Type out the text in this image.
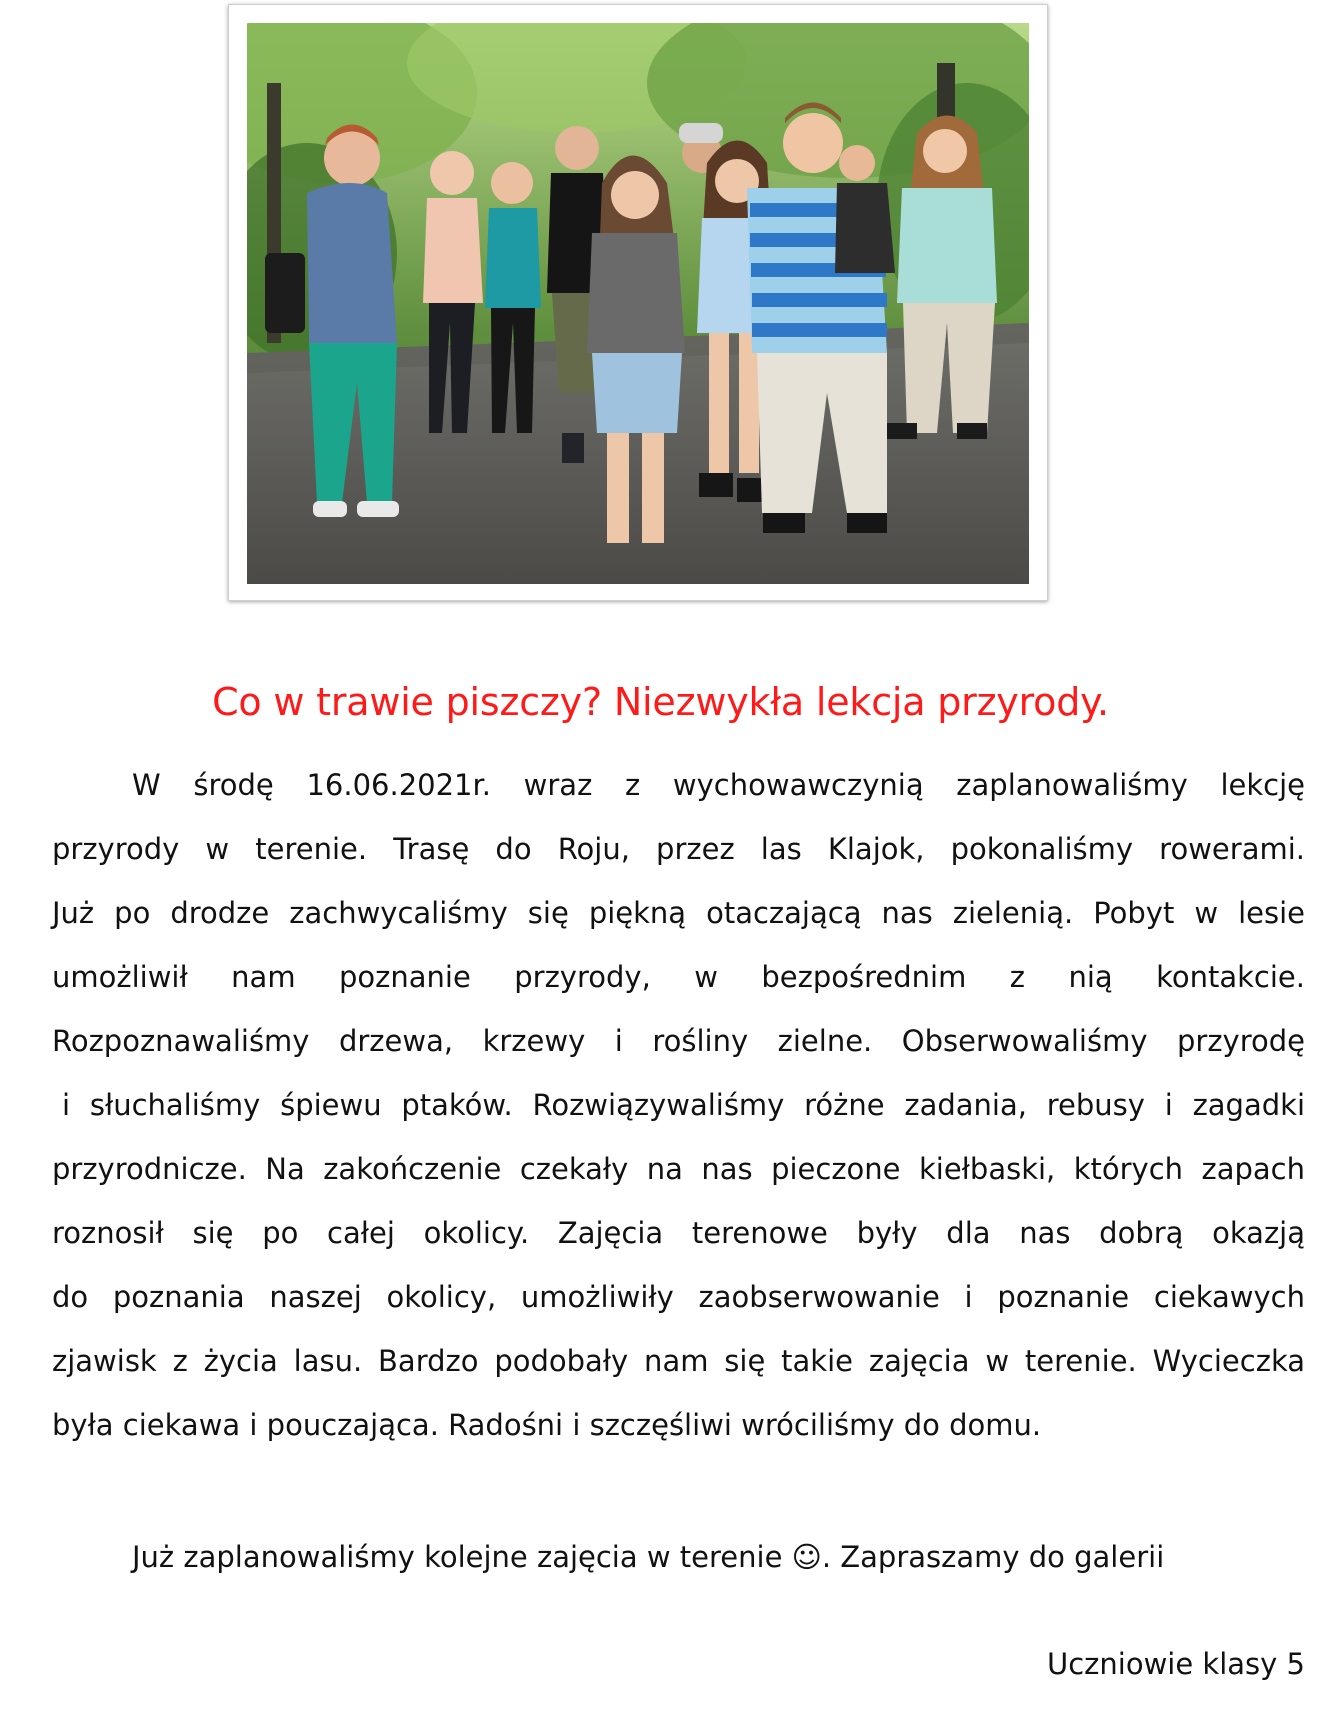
Co w trawie piszczy? Niezwykła lekcja przyrody.
W środę 16.06.2021r. wraz z wychowawczynią zaplanowaliśmy lekcję
przyrody w terenie. Trasę do Roju, przez las Klajok, pokonaliśmy rowerami.
Już po drodze zachwycaliśmy się piękną otaczającą nas zielenią. Pobyt w lesie
umożliwił nam poznanie przyrody, w bezpośrednim z nią kontakcie.
Rozpoznawaliśmy drzewa, krzewy i rośliny zielne. Obserwowaliśmy przyrodę
i słuchaliśmy śpiewu ptaków. Rozwiązywaliśmy różne zadania, rebusy i zagadki
przyrodnicze. Na zakończenie czekały na nas pieczone kiełbaski, których zapach
roznosił się po całej okolicy. Zajęcia terenowe były dla nas dobrą okazją
do poznania naszej okolicy, umożliwiły zaobserwowanie i poznanie ciekawych
zjawisk z życia lasu. Bardzo podobały nam się takie zajęcia w terenie. Wycieczka
była ciekawa i pouczająca. Radośni i szczęśliwi wróciliśmy do domu.
Już zaplanowaliśmy kolejne zajęcia w terenie ☺. Zapraszamy do galerii
Uczniowie klasy 5
